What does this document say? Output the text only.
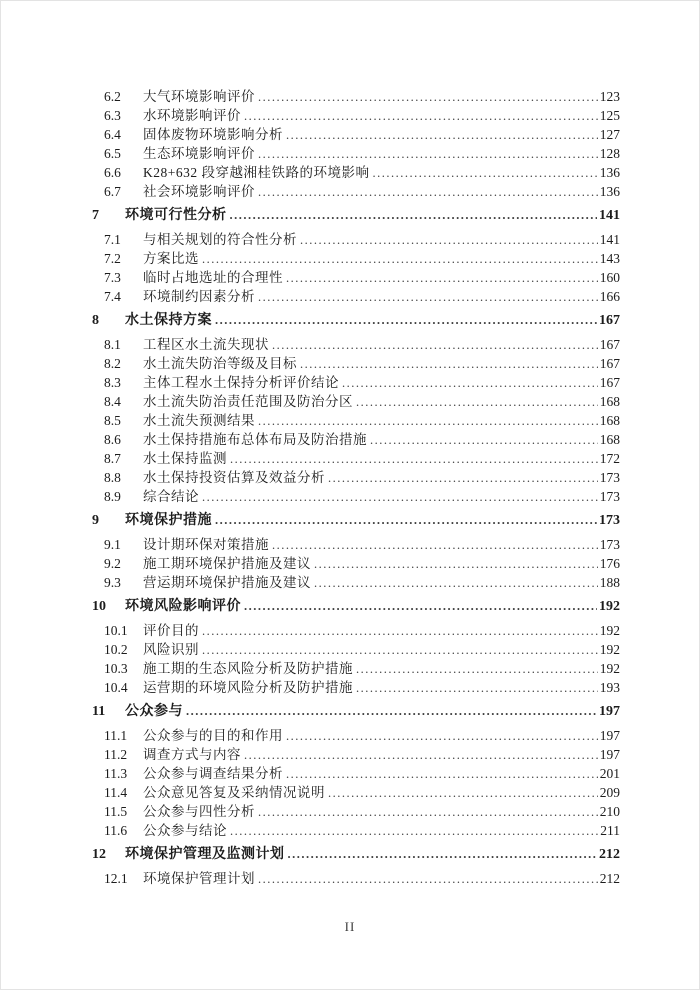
6.2	大气环境影响评价 .....	123
6.3	水环境影响评价 .....	125
6.4	固体废物环境影响分析 .....	127
6.5	生态环境影响评价 .....	128
6.6	K28+632 段穿越湘桂铁路的环境影响 .....	136
6.7	社会环境影响评价 .....	136
7	环境可行性分析 .....	141
7.1	与相关规划的符合性分析 .....	141
7.2	方案比选 .....	143
7.3	临时占地选址的合理性 .....	160
7.4	环境制约因素分析 .....	166
8	水土保持方案 .....	167
8.1	工程区水土流失现状 .....	167
8.2	水土流失防治等级及目标 .....	167
8.3	主体工程水土保持分析评价结论 .....	167
8.4	水土流失防治责任范围及防治分区 .....	168
8.5	水土流失预测结果 .....	168
8.6	水土保持措施布总体布局及防治措施 .....	168
8.7	水土保持监测 .....	172
8.8	水土保持投资估算及效益分析 .....	173
8.9	综合结论 .....	173
9	环境保护措施 .....	173
9.1	设计期环保对策措施 .....	173
9.2	施工期环境保护措施及建议 .....	176
9.3	营运期环境保护措施及建议 .....	188
10	环境风险影响评价 .....	192
10.1	评价目的 .....	192
10.2	风险识别 .....	192
10.3	施工期的生态风险分析及防护措施 .....	192
10.4	运营期的环境风险分析及防护措施 .....	193
11	公众参与 .....	197
11.1	公众参与的目的和作用 .....	197
11.2	调查方式与内容 .....	197
11.3	公众参与调查结果分析 .....	201
11.4	公众意见答复及采纳情况说明 .....	209
11.5	公众参与四性分析 .....	210
11.6	公众参与结论 .....	211
12	环境保护管理及监测计划 .....	212
12.1	环境保护管理计划 .....	212
II
